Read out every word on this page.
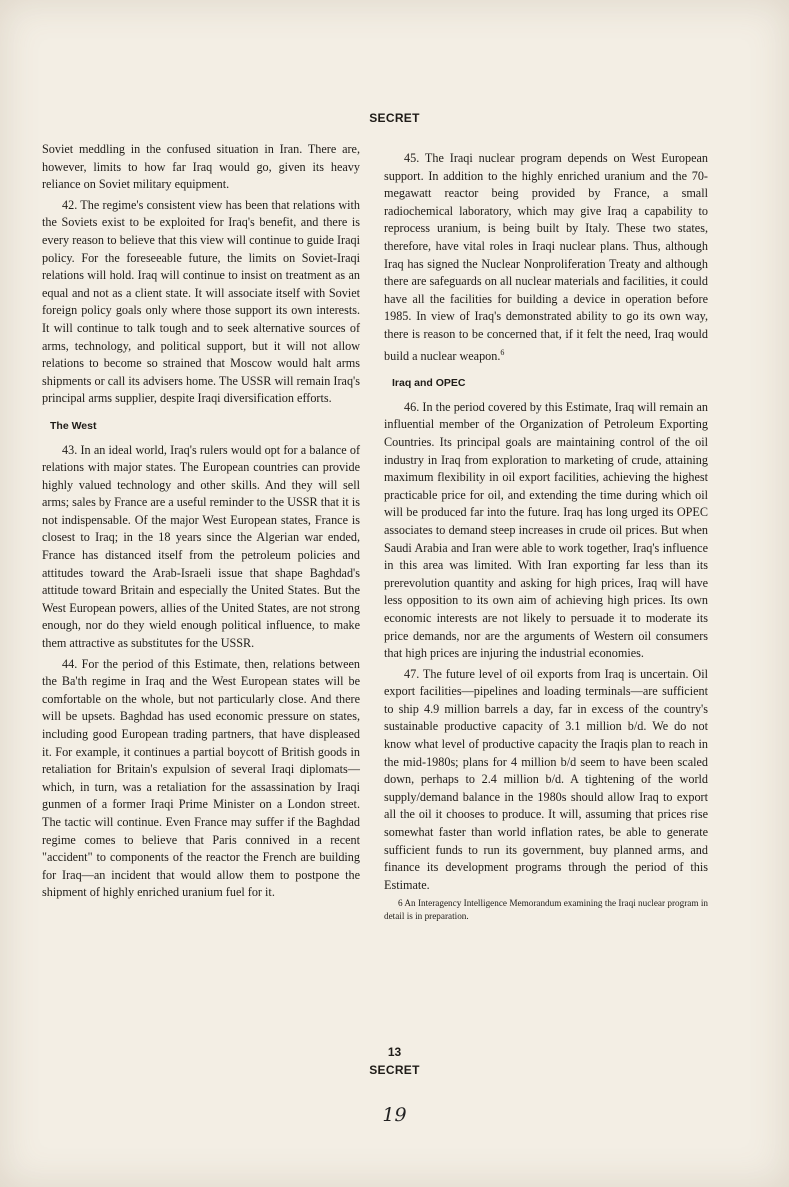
SECRET

Soviet meddling in the confused situation in Iran. There are, however, limits to how far Iraq would go, given its heavy reliance on Soviet military equipment.

42. The regime's consistent view has been that relations with the Soviets exist to be exploited for Iraq's benefit, and there is every reason to believe that this view will continue to guide Iraqi policy. For the foreseeable future, the limits on Soviet-Iraqi relations will hold. Iraq will continue to insist on treatment as an equal and not as a client state. It will associate itself with Soviet foreign policy goals only where those support its own interests. It will continue to talk tough and to seek alternative sources of arms, technology, and political support, but it will not allow relations to become so strained that Moscow would halt arms shipments or call its advisers home. The USSR will remain Iraq's principal arms supplier, despite Iraqi diversification efforts.

The West

43. In an ideal world, Iraq's rulers would opt for a balance of relations with major states. The European countries can provide highly valued technology and other skills. And they will sell arms; sales by France are a useful reminder to the USSR that it is not indispensable. Of the major West European states, France is closest to Iraq; in the 18 years since the Algerian war ended, France has distanced itself from the petroleum policies and attitudes toward the Arab-Israeli issue that shape Baghdad's attitude toward Britain and especially the United States. But the West European powers, allies of the United States, are not strong enough, nor do they wield enough political influence, to make them attractive as substitutes for the USSR.

44. For the period of this Estimate, then, relations between the Ba'th regime in Iraq and the West European states will be comfortable on the whole, but not particularly close. And there will be upsets. Baghdad has used economic pressure on states, including good European trading partners, that have displeased it. For example, it continues a partial boycott of British goods in retaliation for Britain's expulsion of several Iraqi diplomats—which, in turn, was a retaliation for the assassination by Iraqi gunmen of a former Iraqi Prime Minister on a London street. The tactic will continue. Even France may suffer if the Baghdad regime comes to believe that Paris connived in a recent "accident" to components of the reactor the French are building for Iraq—an incident that would allow them to postpone the shipment of highly enriched uranium fuel for it.

45. The Iraqi nuclear program depends on West European support. In addition to the highly enriched uranium and the 70-megawatt reactor being provided by France, a small radiochemical laboratory, which may give Iraq a capability to reprocess uranium, is being built by Italy. These two states, therefore, have vital roles in Iraqi nuclear plans. Thus, although Iraq has signed the Nuclear Nonproliferation Treaty and although there are safeguards on all nuclear materials and facilities, it could have all the facilities for building a device in operation before 1985. In view of Iraq's demonstrated ability to go its own way, there is reason to be concerned that, if it felt the need, Iraq would build a nuclear weapon.$^6$

Iraq and OPEC

46. In the period covered by this Estimate, Iraq will remain an influential member of the Organization of Petroleum Exporting Countries. Its principal goals are maintaining control of the oil industry in Iraq from exploration to marketing of crude, attaining maximum flexibility in oil export facilities, achieving the highest practicable price for oil, and extending the time during which oil will be produced far into the future. Iraq has long urged its OPEC associates to demand steep increases in crude oil prices. But when Saudi Arabia and Iran were able to work together, Iraq's influence in this area was limited. With Iran exporting far less than its prerevolution quantity and asking for high prices, Iraq will have less opposition to its own aim of achieving high prices. Its own economic interests are not likely to persuade it to moderate its price demands, nor are the arguments of Western oil consumers that high prices are injuring the industrial economies.

47. The future level of oil exports from Iraq is uncertain. Oil export facilities—pipelines and loading terminals—are sufficient to ship 4.9 million barrels a day, far in excess of the country's sustainable productive capacity of 3.1 million b/d. We do not know what level of productive capacity the Iraqis plan to reach in the mid-1980s; plans for 4 million b/d seem to have been scaled down, perhaps to 2.4 million b/d. A tightening of the world supply/demand balance in the 1980s should allow Iraq to export all the oil it chooses to produce. It will, assuming that prices rise somewhat faster than world inflation rates, be able to generate sufficient funds to run its government, buy planned arms, and finance its development programs through the period of this Estimate.

6 An Interagency Intelligence Memorandum examining the Iraqi nuclear program in detail is in preparation.

13
SECRET
19
